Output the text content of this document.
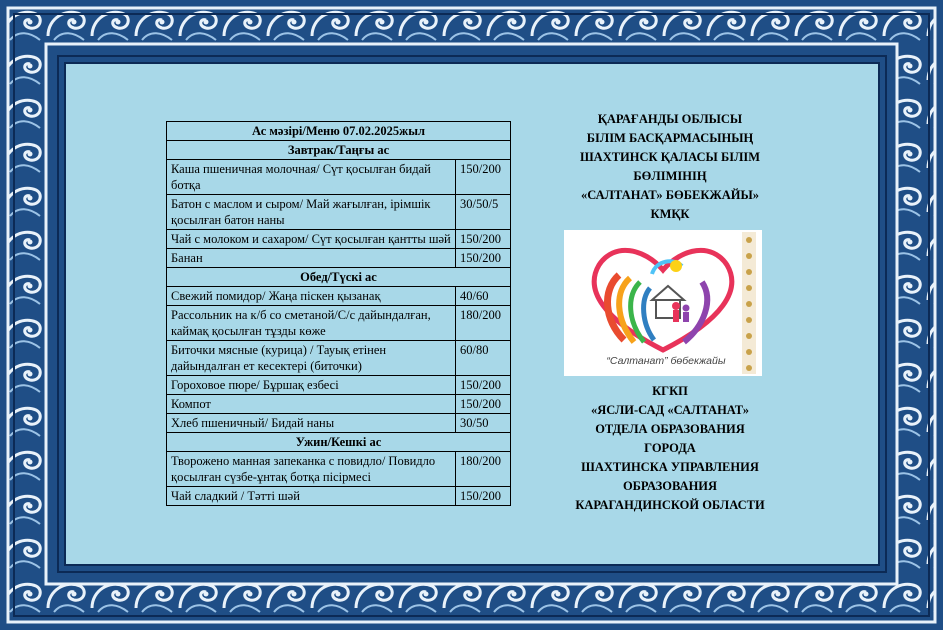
Ас мәзірі/Меню 07.02.2025жыл	
Завтрак/Таңғы ас	
Каша пшеничная молочная/ Сүт қосылған бидай ботқа	150/200
Батон с маслом и сыром/ Май жағылған, ірімшік қосылған батон наны	30/50/5
Чай с молоком и сахаром/ Сүт қосылған қантты шәй	150/200
Банан	150/200
Обед/Түскі ас	
Свежий помидор/ Жаңа піскен қызанақ	40/60
Рассольник на к/б со сметаной/С/с дайындалған, каймақ қосылған тұзды көже	180/200
Биточки мясные (курица) / Тауық етінен дайындалған ет кесектері (биточки)	60/80
Гороховое пюре/ Бұршақ езбесі	150/200
Компот	150/200
Хлеб пшеничный/ Бидай наны	30/50
Ужин/Кешкі ас	
Твороженo манная запеканка с повидло/ Повидло қосылған сүзбе-ұнтақ ботқа пісірмесі	180/200
Чай сладкий / Тәтті шәй	150/200

ҚАРАҒАНДЫ ОБЛЫСЫ

БІЛІМ БАСҚАРМАСЫНЫҢ

ШАХТИНСК ҚАЛАСЫ БІЛІМ

БӨЛІМІНІҢ

«САЛТАНАТ» БӨБЕКЖАЙЫ»

КМҚК

“Салтанат” бөбекжайы

КГКП

«ЯСЛИ-САД «САЛТАНАТ»

ОТДЕЛА ОБРАЗОВАНИЯ

ГОРОДА

ШАХТИНСКА УПРАВЛЕНИЯ

ОБРАЗОВАНИЯ

КАРАГАНДИНСКОЙ ОБЛАСТИ
